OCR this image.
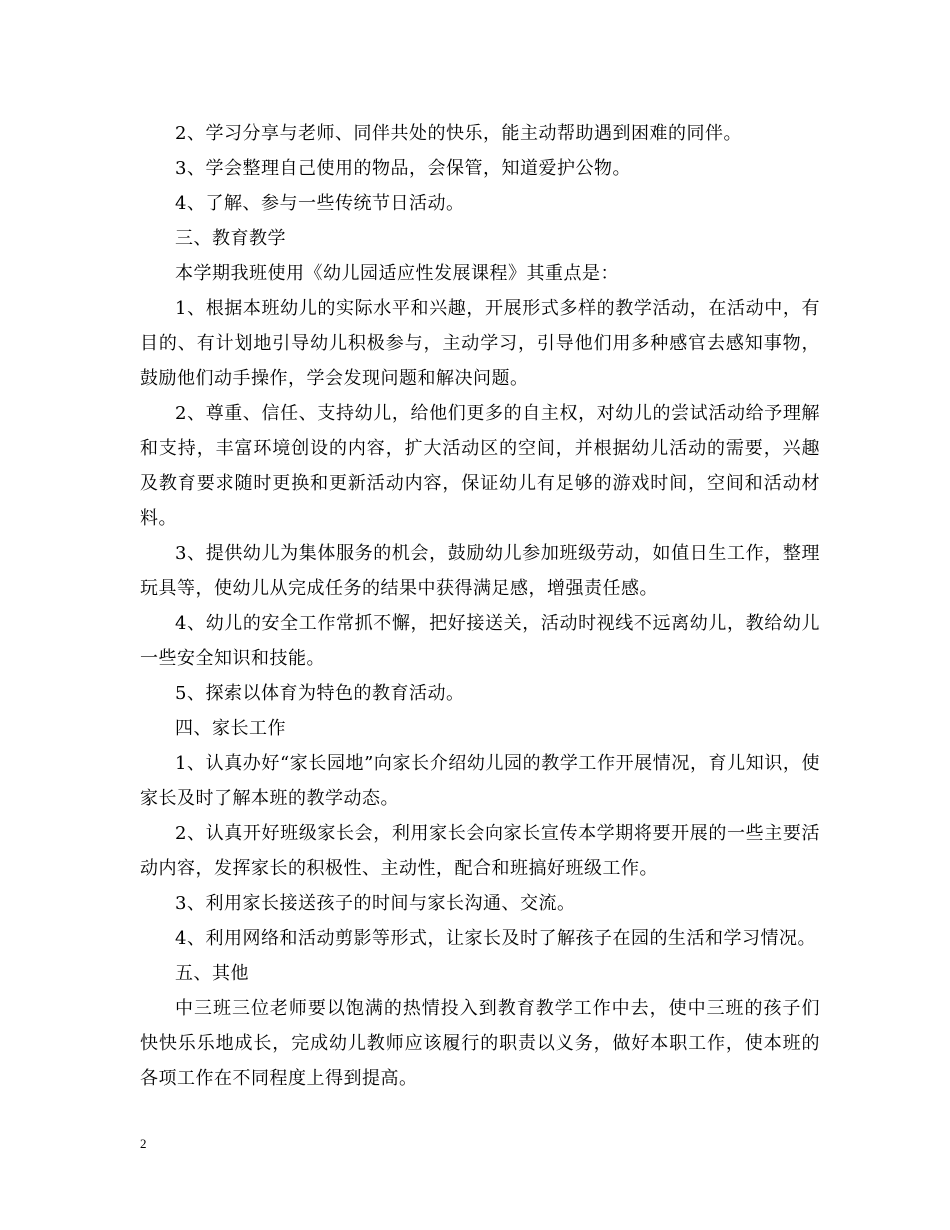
2、学习分享与老师、同伴共处的快乐，能主动帮助遇到困难的同伴。

3、学会整理自己使用的物品，会保管，知道爱护公物。

4、了解、参与一些传统节日活动。

三、教育教学

本学期我班使用《幼儿园适应性发展课程》其重点是：

1、根据本班幼儿的实际水平和兴趣，开展形式多样的教学活动，在活动中，有目的、有计划地引导幼儿积极参与，主动学习，引导他们用多种感官去感知事物，鼓励他们动手操作，学会发现问题和解决问题。

2、尊重、信任、支持幼儿，给他们更多的自主权，对幼儿的尝试活动给予理解和支持，丰富环境创设的内容，扩大活动区的空间，并根据幼儿活动的需要，兴趣及教育要求随时更换和更新活动内容，保证幼儿有足够的游戏时间，空间和活动材料。

3、提供幼儿为集体服务的机会，鼓励幼儿参加班级劳动，如值日生工作，整理玩具等，使幼儿从完成任务的结果中获得满足感，增强责任感。

4、幼儿的安全工作常抓不懈，把好接送关，活动时视线不远离幼儿，教给幼儿一些安全知识和技能。

5、探索以体育为特色的教育活动。

四、家长工作

1、认真办好“家长园地”向家长介绍幼儿园的教学工作开展情况，育儿知识，使家长及时了解本班的教学动态。

2、认真开好班级家长会，利用家长会向家长宣传本学期将要开展的一些主要活动内容，发挥家长的积极性、主动性，配合和班搞好班级工作。

3、利用家长接送孩子的时间与家长沟通、交流。

4、利用网络和活动剪影等形式，让家长及时了解孩子在园的生活和学习情况。

五、其他

中三班三位老师要以饱满的热情投入到教育教学工作中去，使中三班的孩子们快快乐乐地成长，完成幼儿教师应该履行的职责以义务，做好本职工作，使本班的各项工作在不同程度上得到提高。

2
